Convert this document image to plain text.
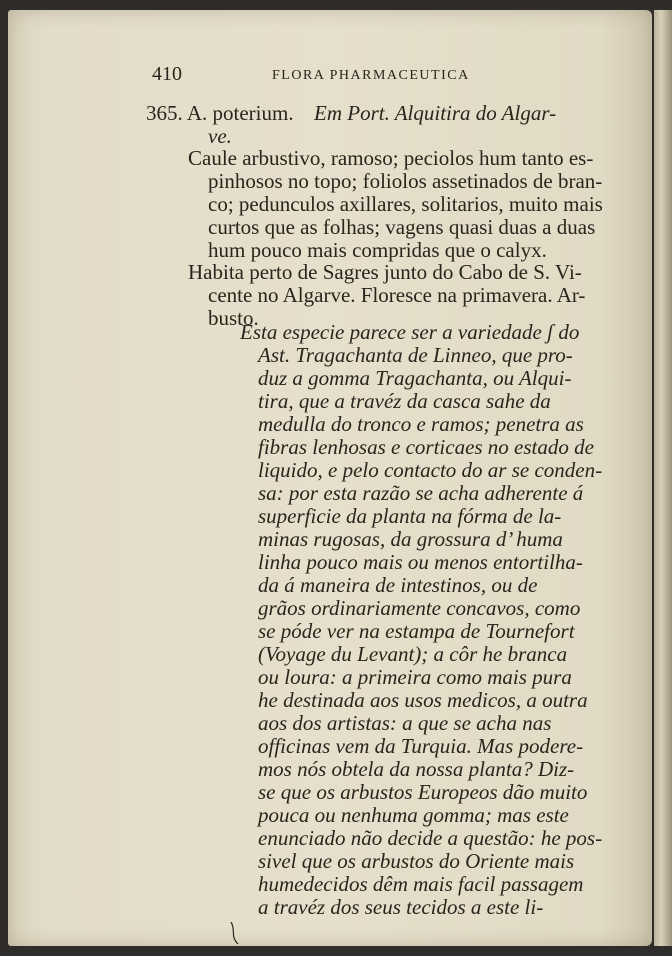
410	FLORA PHARMACEUTICA
365. A. poterium. Em Port. Alquitira do Algar-
ve.
Caule arbustivo, ramoso; peciolos hum tanto es-
pinhosos no topo; foliolos assetinados de bran-
co; pedunculos axillares, solitarios, muito mais
curtos que as folhas; vagens quasi duas a duas
hum pouco mais compridas que o calyx.
Habita perto de Sagres junto do Cabo de S. Vi-
cente no Algarve. Floresce na primavera. Ar-
busto.
Esta especie parece ser a variedade ʃ do
Ast. Tragachanta de Linneo, que pro-
duz a gomma Tragachanta, ou Alqui-
tira, que a travéz da casca sahe da
medulla do tronco e ramos; penetra as
fibras lenhosas e corticaes no estado de
liquido, e pelo contacto do ar se conden-
sa: por esta razão se acha adherente á
superficie da planta na fórma de la-
minas rugosas, da grossura d’ huma
linha pouco mais ou menos entortilha-
da á maneira de intestinos, ou de
grãos ordinariamente concavos, como
se póde ver na estampa de Tournefort
(Voyage du Levant); a côr he branca
ou loura: a primeira como mais pura
he destinada aos usos medicos, a outra
aos dos artistas: a que se acha nas
officinas vem da Turquia. Mas podere-
mos nós obtela da nossa planta? Diz-
se que os arbustos Europeos dão muito
pouca ou nenhuma gomma; mas este
enunciado não decide a questão: he pos-
sivel que os arbustos do Oriente mais
humedecidos dêm mais facil passagem
a travéz dos seus tecidos a este li-
